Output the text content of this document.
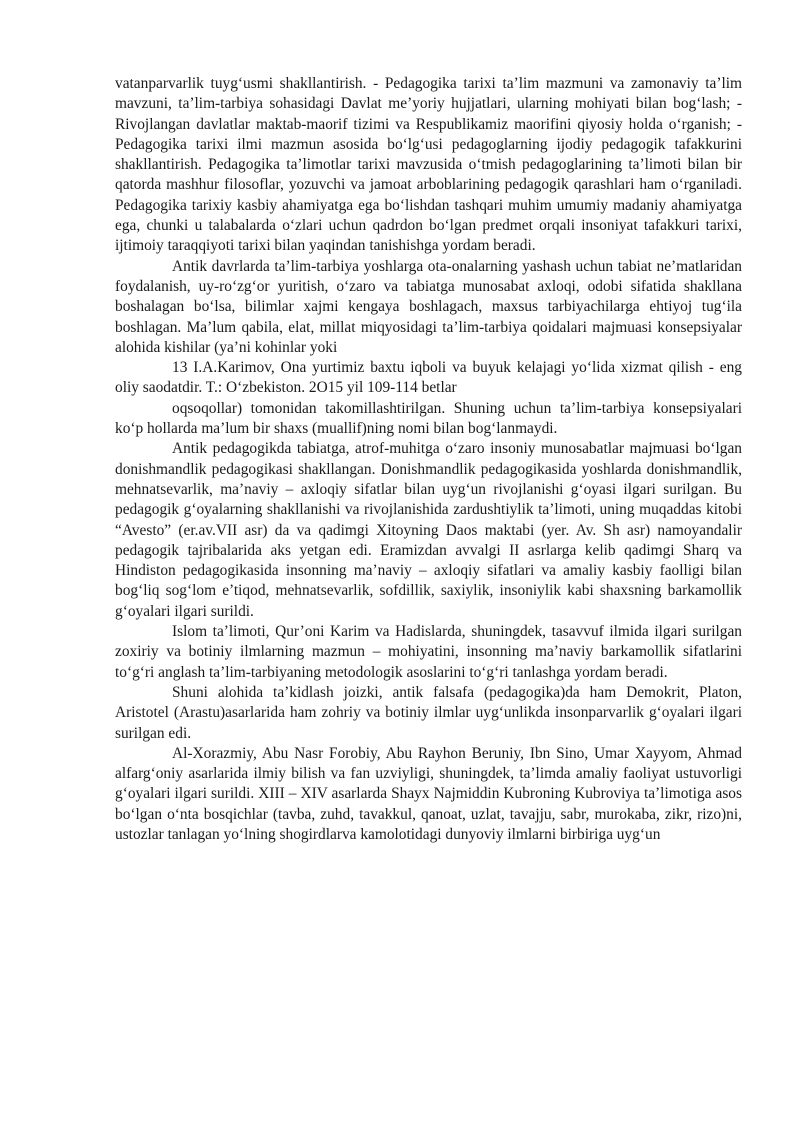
vatanparvarlik tuyg‘usmi shakllantirish. - Pedagogika tarixi ta’lim mazmuni va zamonaviy ta’lim mavzuni, ta’lim-tarbiya sohasidagi Davlat me’yoriy hujjatlari, ularning mohiyati bilan bog‘lash; - Rivojlangan davlatlar maktab-maorif tizimi va Respublikamiz maorifini qiyosiy holda o‘rganish; - Pedagogika tarixi ilmi mazmun asosida bo‘lg‘usi pedagoglarning ijodiy pedagogik tafakkurini shakllantirish. Pedagogika ta’limotlar tarixi mavzusida o‘tmish pedagoglarining ta’limoti bilan bir qatorda mashhur filosoflar, yozuvchi va jamoat arboblarining pedagogik qarashlari ham o‘rganiladi. Pedagogika tarixiy kasbiy ahamiyatga ega bo‘lishdan tashqari muhim umumiy madaniy ahamiyatga ega, chunki u talabalarda o‘zlari uchun qadrdon bo‘lgan predmet orqali insoniyat tafakkuri tarixi, ijtimoiy taraqqiyoti tarixi bilan yaqindan tanishishga yordam beradi.

Antik davrlarda ta’lim-tarbiya yoshlarga ota-onalarning yashash uchun tabiat ne’matlaridan foydalanish, uy-ro‘zg‘or yuritish, o‘zaro va tabiatga munosabat axloqi, odobi sifatida shakllana boshalagan bo‘lsa, bilimlar xajmi kengaya boshlagach, maxsus tarbiyachilarga ehtiyoj tug‘ila boshlagan. Ma’lum qabila, elat, millat miqyosidagi ta’lim-tarbiya qoidalari majmuasi konsepsiyalar alohida kishilar (ya’ni kohinlar yoki

13 I.A.Karimov, Ona yurtimiz baxtu iqboli va buyuk kelajagi yo‘lida xizmat qilish - eng oliy saodatdir. T.: O‘zbekiston. 2O15 yil 109-114 betlar

oqsoqollar) tomonidan takomillashtirilgan. Shuning uchun ta’lim-tarbiya konsepsiyalari ko‘p hollarda ma’lum bir shaxs (muallif)ning nomi bilan bog‘lanmaydi.

Antik pedagogikda tabiatga, atrof-muhitga o‘zaro insoniy munosabatlar majmuasi bo‘lgan donishmandlik pedagogikasi shakllangan. Donishmandlik pedagogikasida yoshlarda donishmandlik, mehnatsevarlik, ma’naviy – axloqiy sifatlar bilan uyg‘un rivojlanishi g‘oyasi ilgari surilgan. Bu pedagogik g‘oyalarning shakllanishi va rivojlanishida zardushtiylik ta’limoti, uning muqaddas kitobi “Avesto” (er.av.VII asr) da va qadimgi Xitoyning Daos maktabi (yer. Av. Sh asr) namoyandalir pedagogik tajribalarida aks yetgan edi. Eramizdan avvalgi II asrlarga kelib qadimgi Sharq va Hindiston pedagogikasida insonning ma’naviy – axloqiy sifatlari va amaliy kasbiy faolligi bilan bog‘liq sog‘lom e’tiqod, mehnatsevarlik, sofdillik, saxiylik, insoniylik kabi shaxsning barkamollik g‘oyalari ilgari surildi.

Islom ta’limoti, Qur’oni Karim va Hadislarda, shuningdek, tasavvuf ilmida ilgari surilgan zoxiriy va botiniy ilmlarning mazmun – mohiyatini, insonning ma’naviy barkamollik sifatlarini to‘g‘ri anglash ta’lim-tarbiyaning metodologik asoslarini to‘g‘ri tanlashga yordam beradi.

Shuni alohida ta’kidlash joizki, antik falsafa (pedagogika)da ham Demokrit, Platon, Aristotel (Arastu)asarlarida ham zohriy va botiniy ilmlar uyg‘unlikda insonparvarlik g‘oyalari ilgari surilgan edi.

Al-Xorazmiy, Abu Nasr Forobiy, Abu Rayhon Beruniy, Ibn Sino, Umar Xayyom, Ahmad alfarg‘oniy asarlarida ilmiy bilish va fan uzviyligi, shuningdek, ta’limda amaliy faoliyat ustuvorligi g‘oyalari ilgari surildi. XIII – XIV asarlarda Shayx Najmiddin Kubroning Kubroviya ta’limotiga asos bo‘lgan o‘nta bosqichlar (tavba, zuhd, tavakkul, qanoat, uzlat, tavajju, sabr, murokaba, zikr, rizo)ni, ustozlar tanlagan yo‘lning shogirdlarva kamolotidagi dunyoviy ilmlarni birbiriga uyg‘un
